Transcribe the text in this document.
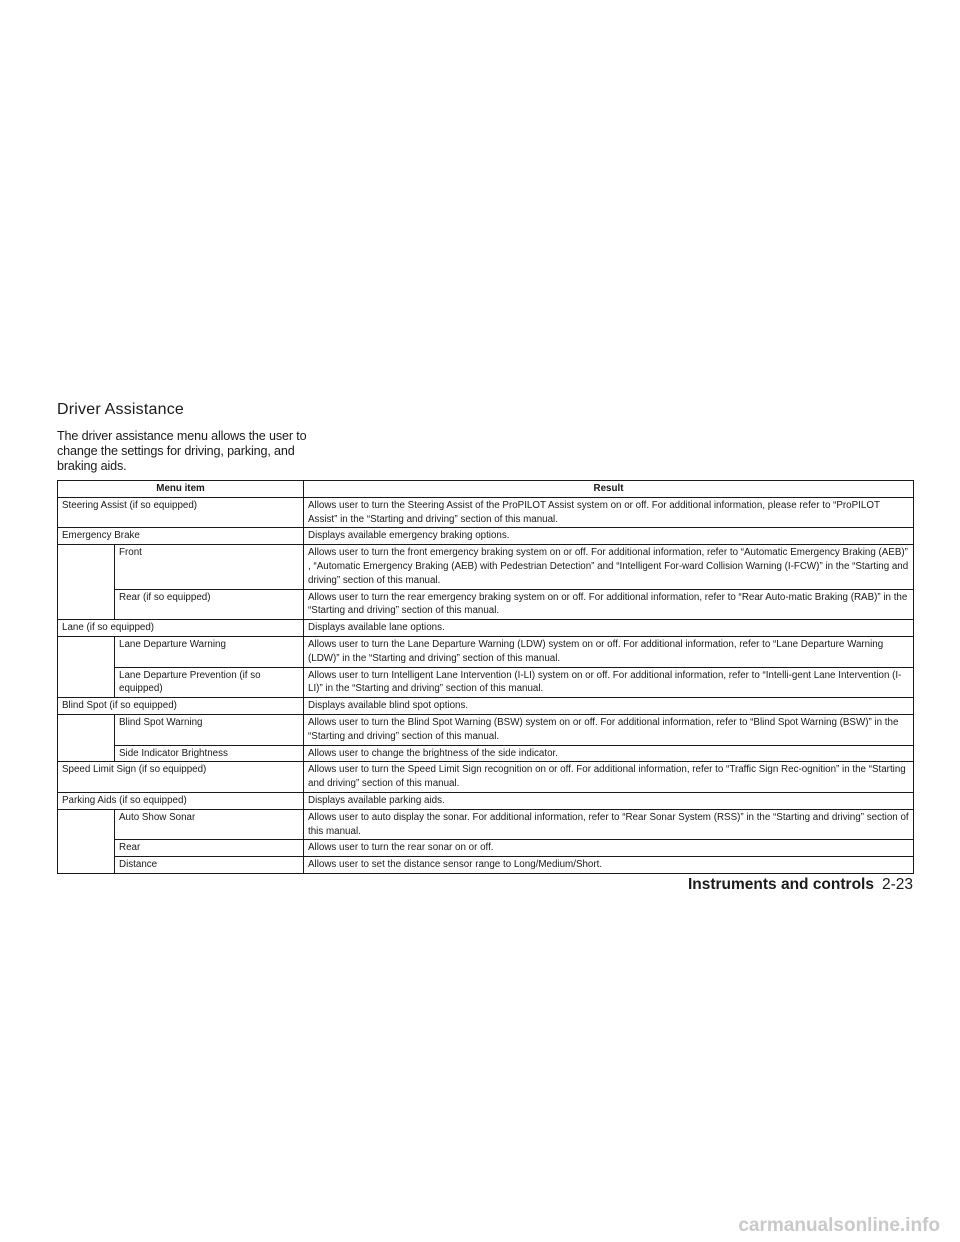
Driver Assistance

The driver assistance menu allows the user to change the settings for driving, parking, and braking aids.

Menu item		Result
Steering Assist (if so equipped)		Allows user to turn the Steering Assist of the ProPILOT Assist system on or off. For additional information, please refer to “ProPILOT Assist” in the “Starting and driving” section of this manual.
Emergency Brake		Displays available emergency braking options.
	Front	Allows user to turn the front emergency braking system on or off. For additional information, refer to “Automatic Emergency Braking (AEB)” , “Automatic Emergency Braking (AEB) with Pedestrian Detection” and “Intelligent For-ward Collision Warning (I-FCW)” in the “Starting and driving” section of this manual.
	Rear (if so equipped)	Allows user to turn the rear emergency braking system on or off. For additional information, refer to “Rear Auto-matic Braking (RAB)” in the “Starting and driving” section of this manual.
Lane (if so equipped)		Displays available lane options.
	Lane Departure Warning	Allows user to turn the Lane Departure Warning (LDW) system on or off. For additional information, refer to “Lane Departure Warning (LDW)” in the “Starting and driving” section of this manual.
	Lane Departure Prevention (if so equipped)	Allows user to turn Intelligent Lane Intervention (I-LI) system on or off. For additional information, refer to “Intelli-gent Lane Intervention (I-LI)” in the “Starting and driving” section of this manual.
Blind Spot (if so equipped)		Displays available blind spot options.
	Blind Spot Warning	Allows user to turn the Blind Spot Warning (BSW) system on or off. For additional information, refer to “Blind Spot Warning (BSW)” in the “Starting and driving” section of this manual.
	Side Indicator Brightness	Allows user to change the brightness of the side indicator.
Speed Limit Sign (if so equipped)		Allows user to turn the Speed Limit Sign recognition on or off. For additional information, refer to “Traffic Sign Rec-ognition” in the “Starting and driving” section of this manual.
Parking Aids (if so equipped)		Displays available parking aids.
	Auto Show Sonar	Allows user to auto display the sonar. For additional information, refer to “Rear Sonar System (RSS)” in the “Starting and driving” section of this manual.
	Rear	Allows user to turn the rear sonar on or off.
	Distance	Allows user to set the distance sensor range to Long/Medium/Short.
Instruments and controls 2-23
carmanualsonline.info
